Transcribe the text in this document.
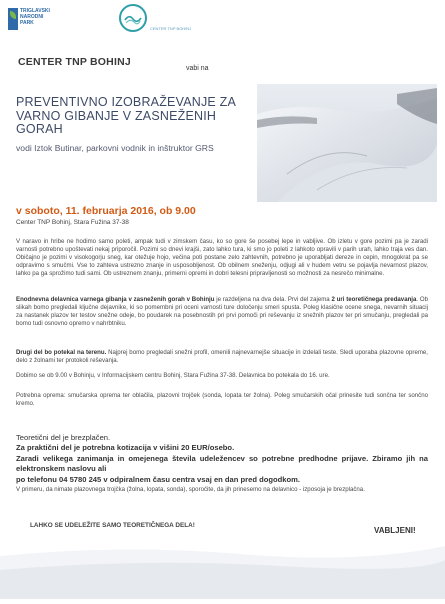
TRIGLAVSKI NARODNI PARK
CENTER TNP BOHINJ
CENTER TNP BOHINJ
vabi na
PREVENTIVNO IZOBRAŽEVANJE ZA VARNO GIBANJE V ZASNEŽENIH GORAH
vodi Iztok Butinar, parkovni vodnik in inštruktor GRS
v soboto, 11. februarja 2016, ob 9.00
Center TNP Bohinj, Stara Fužina 37-38
V naravo in hribe ne hodimo samo poleti, ampak tudi v zimskem času, ko so gore še posebej lepe in vabljive. Ob izletu v gore pozimi pa je zaradi varnosti potrebno upoštevati nekaj priporočil. Pozimi so dnevi krajši, zato lahko tura, ki smo jo poleti z lahkoto opravili v parih urah, lahko traja ves dan. Običajno je pozimi v visokogorju sneg, kar otežuje hojo, večina poti postane zelo zahtevnih, potrebno je uporabljati dereze in cepin, mnogokrat pa se odpravimo s smučmi. Vse to zahteva ustrezno znanje in usposobljenost. Ob obilnem sneženju, odjugi ali v hudem vetru se pojavlja nevarnost plazov, lahko pa ga sprožimo tudi sami. Ob ustreznem znanju, primerni opremi in dobri telesni pripravljenosti so možnosti za nesrečo minimalne.
Enodnevna delavnica varnega gibanja v zasneženih gorah v Bohinju je razdeljena na dva dela. Prvi del zajema 2 uri teoretičnega predavanja. Ob slikah bomo pregledali ključne dejavnike, ki so pomembni pri oceni varnosti ture določenju smeri spusta. Poleg klasične ocene snega, nevarnih situacij za nastanek plazov ter testov snežne odeje, bo poudarek na posebnostih pri prvi pomoči pri reševanju iz snežnih plazov ter pri smučanju, pregledali pa bomo tudi osnovno opremo v nahrbtniku.
Drugi del bo potekal na terenu. Najprej bomo pregledali snežni profil, omenili najnevarnejše situacije in izdelali teste. Sledi uporaba plazovne opreme, delo z žolnami ter protokoli reševanja.
Dobimo se ob 9.00 v Bohinju, v Informacijskem centru Bohinj, Stara Fužina 37-38. Delavnica bo potekala do 16. ure.
Potrebna oprema: smučarska oprema ter oblačila, plazovni trojček (sonda, lopata ter žolna). Poleg smučarskih očal prinesite tudi sončna ter sončno kremo.
Teoretični del je brezplačen.
Za praktični del je potrebna kotizacija v višini 20 EUR/osebo.
Zaradi velikega zanimanja in omejenega števila udeležencev so potrebne predhodne prijave. Zbiramo jih na elektronskem naslovu ali
po telefonu 04 5780 245 v odpiralnem času centra vsaj en dan pred dogodkom.
V primeru, da nimate plazovnega trojčka (žolna, lopata, sonda), sporočite, da jih prinesemo na delavnico - izposoja je brezplačna.
LAHKO SE UDELEŽITE SAMO TEORETIČNEGA DELA!
VABLJENI!
